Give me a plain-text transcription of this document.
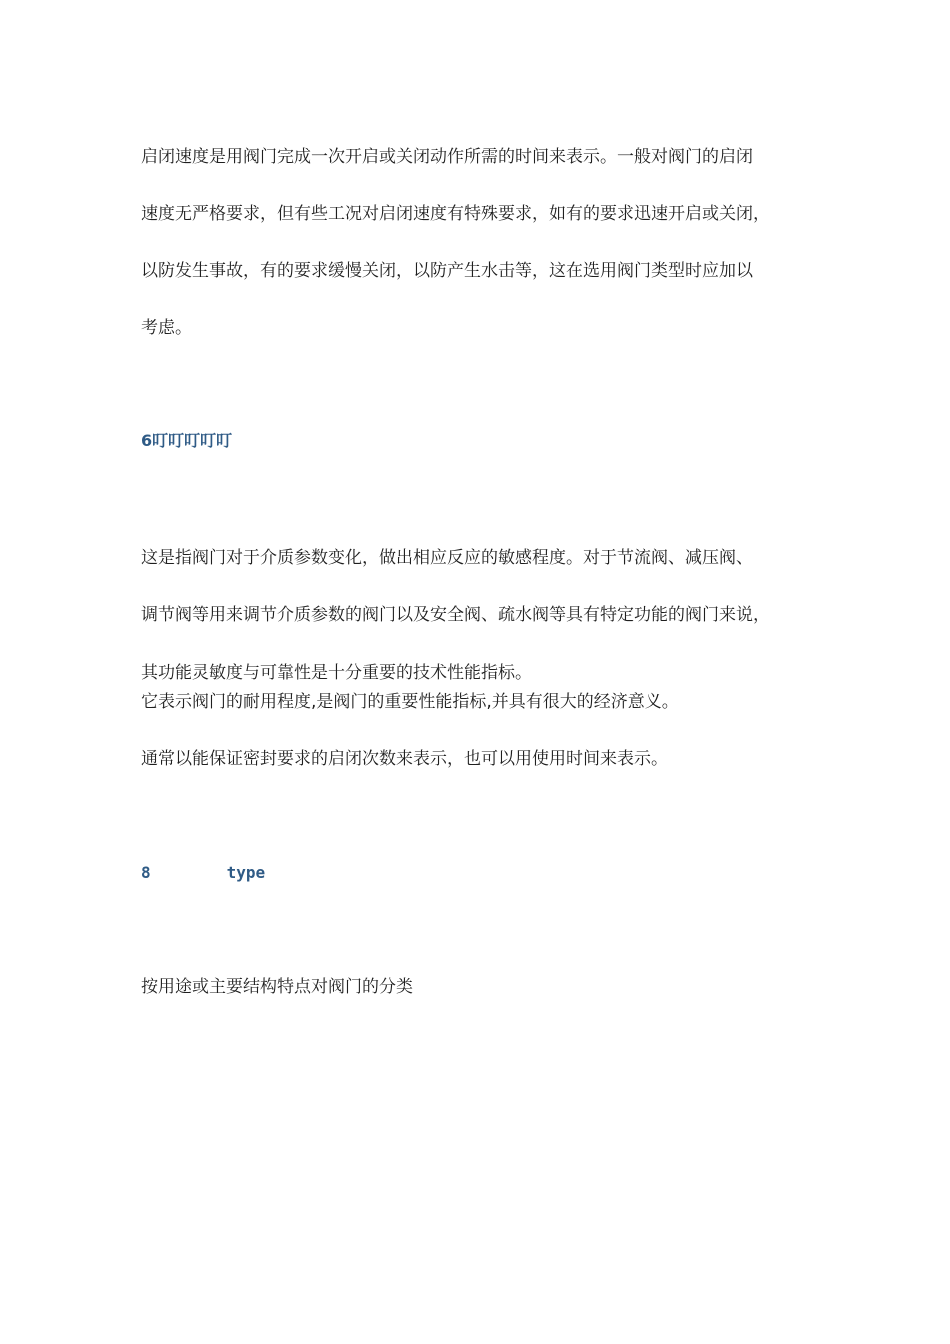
启闭速度是用阀门完成一次开启或关闭动作所需的时间来表示。一般对阀门的启闭
速度无严格要求，但有些工况对启闭速度有特殊要求，如有的要求迅速开启或关闭，
以防发生事故，有的要求缓慢关闭，以防产生水击等，这在选用阀门类型时应加以
考虑。
6叮叮叮叮叮
这是指阀门对于介质参数变化，做出相应反应的敏感程度。对于节流阀、减压阀、
调节阀等用来调节介质参数的阀门以及安全阀、疏水阀等具有特定功能的阀门来说，
其功能灵敏度与可靠性是十分重要的技术性能指标。
它表示阀门的耐用程度,是阀门的重要性能指标,并具有很大的经济意义。
通常以能保证密封要求的启闭次数来表示，也可以用使用时间来表示。
8	type
按用途或主要结构特点对阀门的分类
